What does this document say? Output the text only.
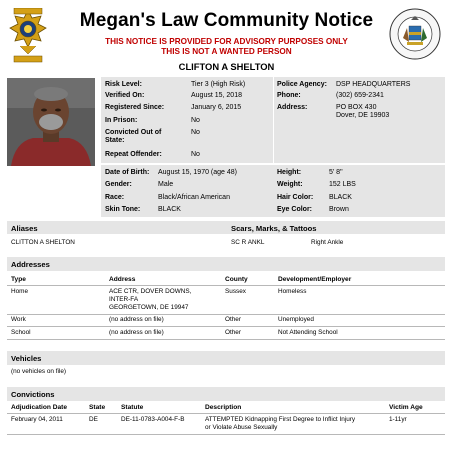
Megan's Law Community Notice
THIS NOTICE IS PROVIDED FOR ADVISORY PURPOSES ONLY
THIS IS NOT A WANTED PERSON
CLIFTON A SHELTON
Risk Level:	Tier 3 (High Risk)
Verified On:	August 15, 2018
Registered Since:	January 6, 2015
In Prison:	No
Convicted Out of State:
No
Repeat Offender:	No
Police Agency: DSP HEADQUARTERS
Phone:	(302) 659-2341
Address:	PO BOX 430
Dover, DE 19903
Date of Birth: August 15, 1970 (age 48)
Gender:	Male
Race:	Black/African American
Skin Tone:	BLACK
Height:	5' 8"
Weight:	152 LBS
Hair Color: BLACK
Eye Color: Brown
Aliases	Scars, Marks, & Tattoos
CLITTON A SHELTON	SC R ANKL	Right Ankle
Addresses
Type	Address	County	Development/Employer
Home	ACE CTR, DOVER DOWNS,
INTER-FA
GEORGETOWN, DE 19947
Sussex	Homeless
Work	(no address on file)	Other	Unemployed
School	(no address on file)	Other	Not Attending School
Vehicles
(no vehicles on file)
Convictions
Adjudication Date	State Statute	Description	Victim Age
February 04, 2011	DE	DE-11-0783-A004-F-B	ATTEMPTED Kidnapping First Degree to Inflict Injury
or Violate Abuse Sexually
1-11yr
